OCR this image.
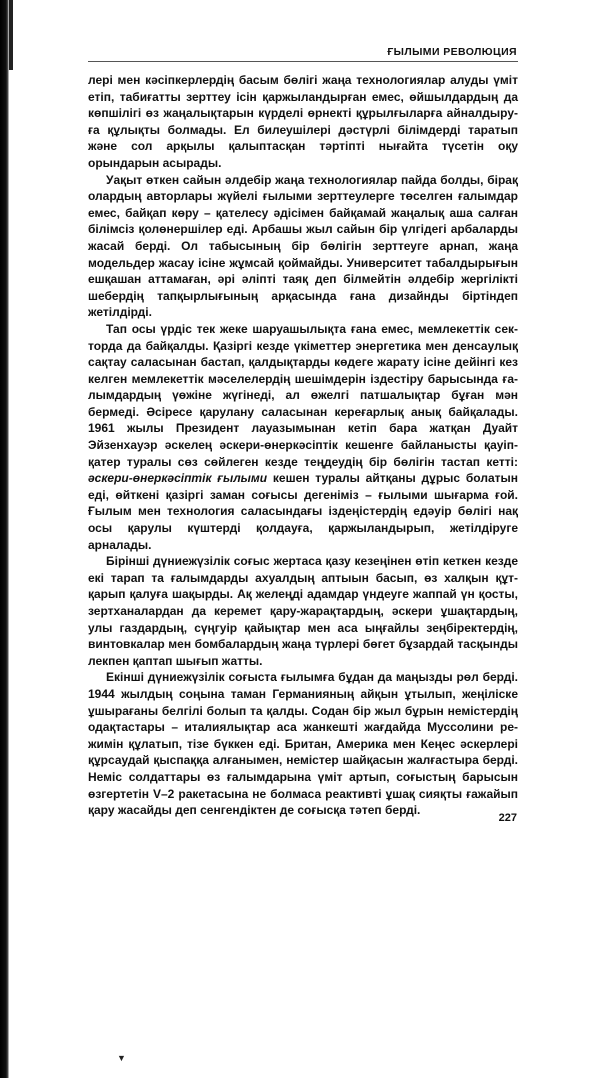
ҒЫЛЫМИ РЕВОЛЮЦИЯ

лері мен кәсіпкерлердің басым бөлігі жаңа технологиялар алуды үміт етіп, табиғатты зерттеу ісін қаржыландырған емес, өйшылдардың да көпшілігі өз жаңалықтарын күрделі өрнекті құрылғыларға айналдыруға құлықты болмады. Ел билеушілері дәстүрлі білімдерді таратып және сол арқылы қалыптасқан тәртіпті нығайта түсетін оқу орындарын асырады.

Уақыт өткен сайын әлдебір жаңа технологиялар пайда болды, бірақ олардың авторлары жүйелі ғылыми зерттеулерге төселген ғалымдар емес, байқап көру – қателесу әдісімен байқамай жаңалық аша салған білімсіз қолөнершілер еді. Арбашы жыл сайын бір үлгідегі арбаларды жасай берді. Ол табысының бір бөлігін зерттеуге арнап, жаңа модельдер жасау ісіне жұмсай қоймайды. Университет табалдырығын ешқашан аттамаған, әрі әліпті таяқ деп білмейтін әлдебір жергілікті шебердің тапқырлығының арқасында ғана дизайнды біртіндеп жетілдірді.

Тап осы үрдіс тек жеке шаруашылықта ғана емес, мемлекеттік секторда да байқалды. Қазіргі кезде үкіметтер энергетика мен денсаулық сақтау саласынан бастап, қалдықтарды көдеге жарату ісіне дейінгі кез келген мемлекеттік мәселелердің шешімдерін іздестіру барысында ғалымдардың үөжіне жүгінеді, ал өжелгі патшалықтар бұған мән бермеді. Әсіресе қарулану саласынан кереғарлық анық байқалады. 1961 жылы Президент лауазымынан кетіп бара жатқан Дуайт Эйзенхауэр әскелең әскери-өнеркәсіптік кешенге байланысты қауіп-қатер туралы сөз сөйлеген кезде теңдеудің бір бөлігін тастап кетті: әскери-өнеркәсіптік ғылыми кешен туралы айтқаны дұрыс болатын еді, өйткені қазіргі заман соғысы дегеніміз – ғылыми шығарма ғой. Ғылым мен технология саласындағы іздеңістердің едәуір бөлігі нақ осы қарулы күштерді қолдауға, қаржыландырып, жетілдіруге арналады.

Бірінші дүниежүзілік соғыс жертаса қазу кезеңінен өтіп кеткен кезде екі тарап та ғалымдарды ахуалдың аптыын басып, өз халқын құтқарып қалуға шақырды. Ақ желеңді адамдар үндеуге жаппай үн қосты, зертханалардан да керемет қару-жарақтардың, әскери ұшақтардың, улы газдардың, сүңгуір қайықтар мен аса ыңғайлы зеңбіректердің, винтовкалар мен бомбалардың жаңа түрлері бөгет бұзардай тасқынды лекпен қаптап шығып жатты.

Екінші дүниежүзілік соғыста ғылымға бұдан да маңызды рөл берді. 1944 жылдың соңына таман Германияның айқын ұтылып, жеңіліске ұшырағаны белгілі болып та қалды. Содан бір жыл бұрын немістердің одақтастары – италиялықтар аса жанкешті жағдайда Муссолини режимін құлатып, тізе бүккен еді. Британ, Америка мен Кеңес әскерлері құрсаудай қыспаққа алғанымен, немістер шайқасын жалғастыра берді. Неміс солдаттары өз ғалымдарына үміт артып, соғыстың барысын өзгертетін V–2 ракетасына не болмаса реактивті ұшақ сияқты ғажайып қару жасайды деп сенгендіктен де соғысқа тәтеп берді.

227
▼
